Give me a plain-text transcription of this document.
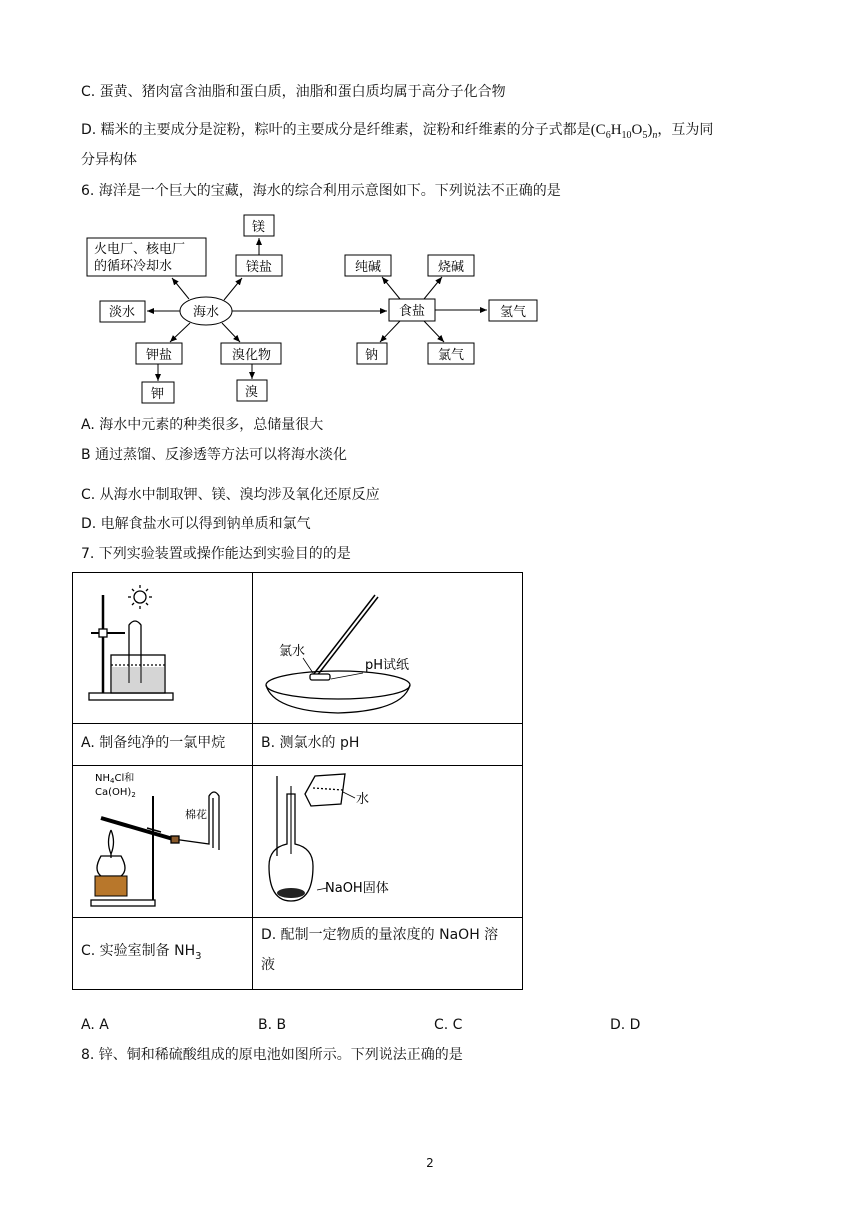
C. 蛋黄、猪肉富含油脂和蛋白质，油脂和蛋白质均属于高分子化合物
D. 糯米的主要成分是淀粉，粽叶的主要成分是纤维素，淀粉和纤维素的分子式都是$(C_6H_{10}O_5)_n$，互为同
分异构体
6. 海洋是一个巨大的宝藏，海水的综合利用示意图如下。下列说法不正确的是
火电厂、核电厂
的循环冷却水
海水
淡水
镁盐
镁
钾盐
钾
溴化物
溴
食盐
纯碱	烧碱
氢气
钠	氯气
A. 海水中元素的种类很多，总储量很大
B 通过蒸馏、反渗透等方法可以将海水淡化
C. 从海水中制取钾、镁、溴均涉及氧化还原反应
D. 电解食盐水可以得到钠单质和氯气
7. 下列实验装置或操作能达到实验目的的是
氯水
pH试纸
A. 制备纯净的一氯甲烷	B. 测氯水的 pH
$NH_4Cl$和
$Ca(OH)_2$
棉花
水
NaOH固体
C. 实验室制备 $NH_3$
D. 配制一定物质的量浓度的 NaOH 溶
液
A. A	B. B	C. C	D. D
8. 锌、铜和稀硫酸组成的原电池如图所示。下列说法正确的是
2
